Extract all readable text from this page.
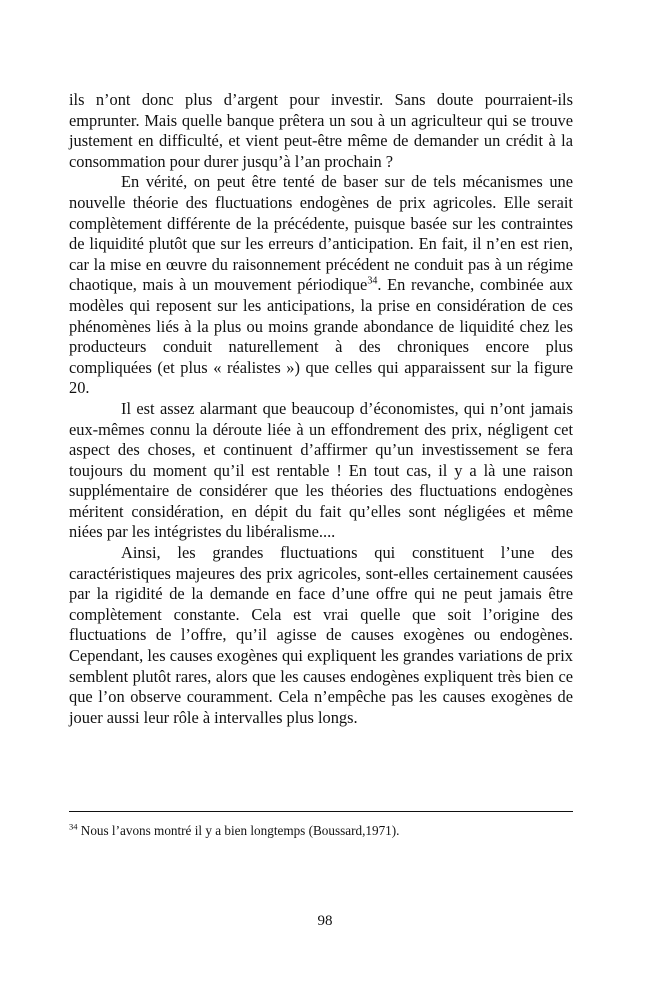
ils n’ont donc plus d’argent pour investir. Sans doute pourraient-ils emprunter. Mais quelle banque prêtera un sou à un agriculteur qui se trouve justement en difficulté, et vient peut-être même de demander un crédit à la consommation pour durer jusqu’à l’an prochain ?

En vérité, on peut être tenté de baser sur de tels mécanismes une nouvelle théorie des fluctuations endogènes de prix agricoles. Elle serait complètement différente de la précédente, puisque basée sur les contraintes de liquidité plutôt que sur les erreurs d’anticipation. En fait, il n’en est rien, car la mise en œuvre du raisonnement précédent ne conduit pas à un régime chaotique, mais à un mouvement périodique$^{34}$. En revanche, combinée aux modèles qui reposent sur les anticipations, la prise en considération de ces phénomènes liés à la plus ou moins grande abondance de liquidité chez les producteurs conduit naturellement à des chroniques encore plus compliquées (et plus « réalistes ») que celles qui apparaissent sur la figure 20.

Il est assez alarmant que beaucoup d’économistes, qui n’ont jamais eux-mêmes connu la déroute liée à un effondrement des prix, négligent cet aspect des choses, et continuent d’affirmer qu’un investissement se fera toujours du moment qu’il est rentable ! En tout cas, il y a là une raison supplémentaire de considérer que les théories des fluctuations endogènes méritent considération, en dépit du fait qu’elles sont négligées et même niées par les intégristes du libéralisme....

Ainsi, les grandes fluctuations qui constituent l’une des caractéristiques majeures des prix agricoles, sont-elles certainement causées par la rigidité de la demande en face d’une offre qui ne peut jamais être complètement constante. Cela est vrai quelle que soit l’origine des fluctuations de l’offre, qu’il agisse de causes exogènes ou endogènes. Cependant, les causes exogènes qui expliquent les grandes variations de prix semblent plutôt rares, alors que les causes endogènes expliquent très bien ce que l’on observe couramment. Cela n’empêche pas les causes exogènes de jouer aussi leur rôle à intervalles plus longs.

$^{34}$ Nous l’avons montré il y a bien longtemps (Boussard,1971).
98
